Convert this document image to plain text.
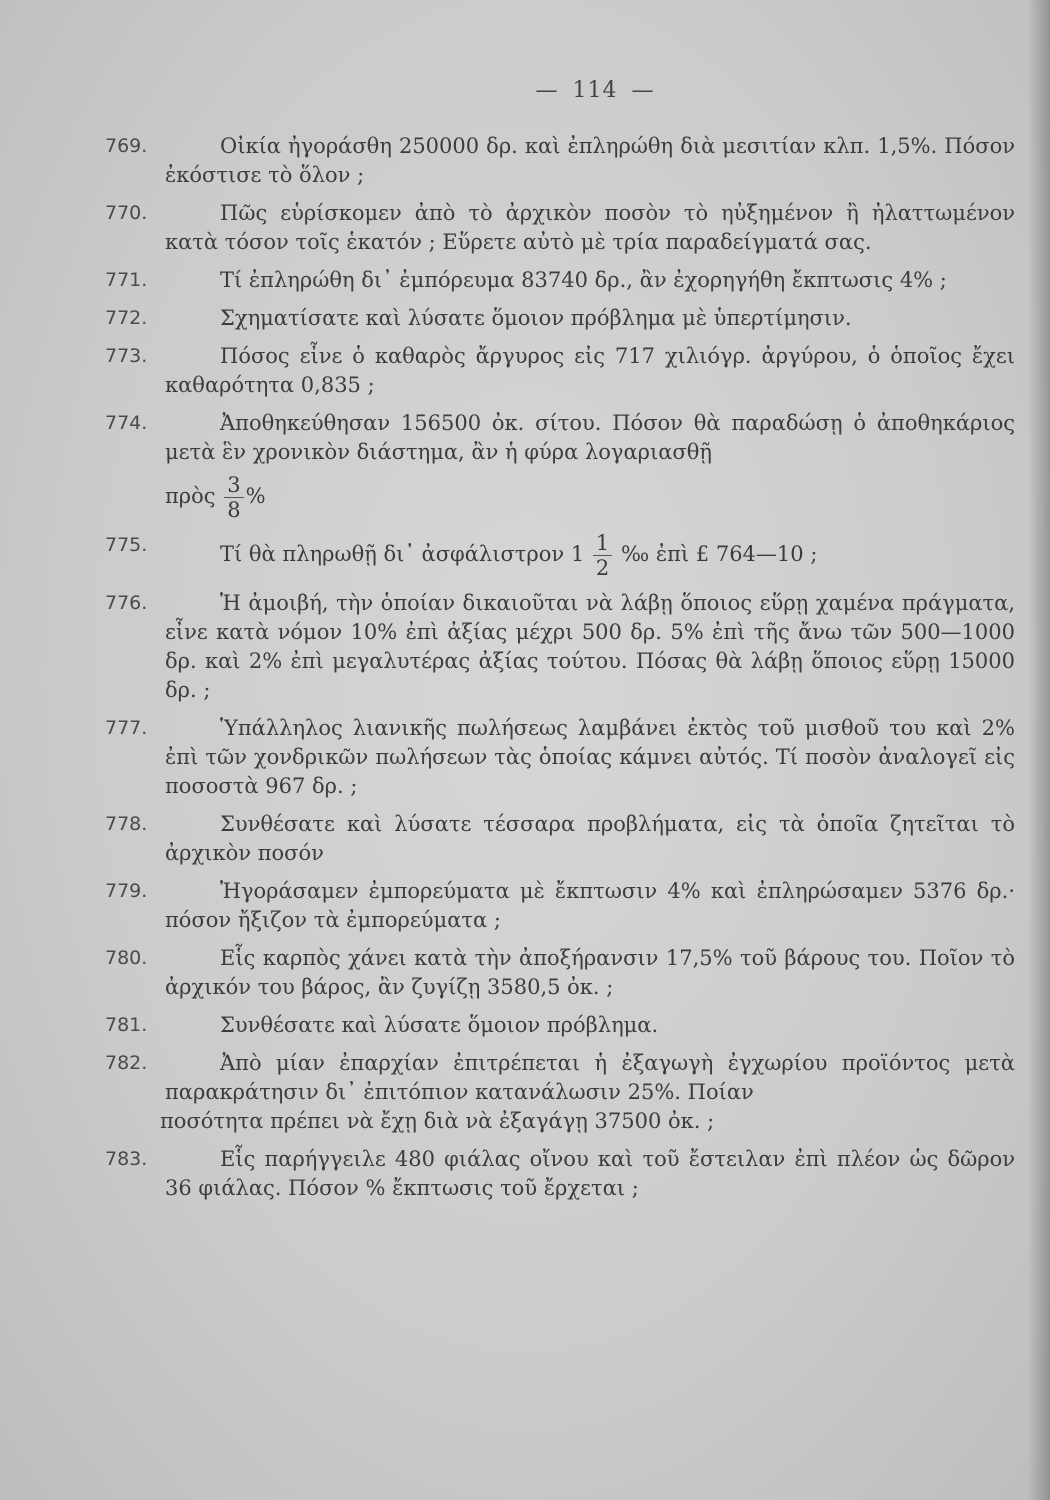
— 114 —
769.	Οἰκία ἠγοράσθη 250000 δρ. καὶ ἐπληρώθη διὰ μεσιτίαν κλπ. 1,5%. Πόσον ἐκόστισε τὸ ὅλον ;
770.	Πῶς εὑρίσκομεν ἀπὸ τὸ ἀρχικὸν ποσὸν τὸ ηὐξημένον ἢ ἠλαττωμένον κατὰ τόσον τοῖς ἑκατόν ; Εὕρετε αὐτὸ μὲ τρία παραδείγματά σας.
771.	Τί ἐπληρώθη δι᾽ ἐμπόρευμα 83740 δρ., ἂν ἐχορηγήθη ἔκπτωσις 4% ;
772.	Σχηματίσατε καὶ λύσατε ὅμοιον πρόβλημα μὲ ὑπερτίμησιν.
773.	Πόσος εἶνε ὁ καθαρὸς ἄργυρος εἰς 717 χιλιόγρ. ἀργύρου, ὁ ὁποῖος ἔχει καθαρότητα 0,835 ;
774.	Ἀποθηκεύθησαν 156500 ὀκ. σίτου. Πόσον θὰ παραδώσῃ ὁ ἀποθηκάριος μετὰ ἓν χρονικὸν διάστημα, ἂν ἡ φύρα λογαριασθῇ
πρὸς $\frac{3}{8}$ %
775.	Τί θὰ πληρωθῇ δι᾽ ἀσφάλιστρον $1 \frac{1}{2}$ ‰ ἐπὶ £ 764—10 ;
776.	Ἡ ἀμοιβή, τὴν ὁποίαν δικαιοῦται νὰ λάβῃ ὅποιος εὕρῃ χαμένα πράγματα, εἶνε κατὰ νόμον 10% ἐπὶ ἀξίας μέχρι 500 δρ. 5% ἐπὶ τῆς ἄνω τῶν 500—1000 δρ. καὶ 2% ἐπὶ μεγαλυτέρας ἀξίας τούτου. Πόσας θὰ λάβῃ ὅποιος εὕρῃ 15000 δρ. ;
777.	Ὑπάλληλος λιανικῆς πωλήσεως λαμβάνει ἐκτὸς τοῦ μισθοῦ του καὶ 2% ἐπὶ τῶν χονδρικῶν πωλήσεων τὰς ὁποίας κάμνει αὐτός. Τί ποσὸν ἀναλογεῖ εἰς ποσοστὰ 967 δρ. ;
778.	Συνθέσατε καὶ λύσατε τέσσαρα προβλήματα, εἰς τὰ ὁποῖα ζητεῖται τὸ ἀρχικὸν ποσόν
779.	Ἠγοράσαμεν ἐμπορεύματα μὲ ἔκπτωσιν 4% καὶ ἐπληρώσαμεν 5376 δρ.· πόσον ἤξιζον τὰ ἐμπορεύματα ;
780.	Εἷς καρπὸς χάνει κατὰ τὴν ἀποξήρανσιν 17,5% τοῦ βάρους του. Ποῖον τὸ ἀρχικόν του βάρος, ἂν ζυγίζῃ 3580,5 ὀκ. ;
781.	Συνθέσατε καὶ λύσατε ὅμοιον πρόβλημα.
782.	Ἀπὸ μίαν ἐπαρχίαν ἐπιτρέπεται ἡ ἐξαγωγὴ ἐγχωρίου προϊόντος μετὰ παρακράτησιν δι᾽ ἐπιτόπιον κατανάλωσιν 25%. Ποίαν
ποσότητα πρέπει νὰ ἔχῃ διὰ νὰ ἐξαγάγῃ 37500 ὀκ. ;
783.	Εἷς παρήγγειλε 480 φιάλας οἴνου καὶ τοῦ ἔστειλαν ἐπὶ πλέον ὡς δῶρον 36 φιάλας. Πόσον % ἔκπτωσις τοῦ ἔρχεται ;
